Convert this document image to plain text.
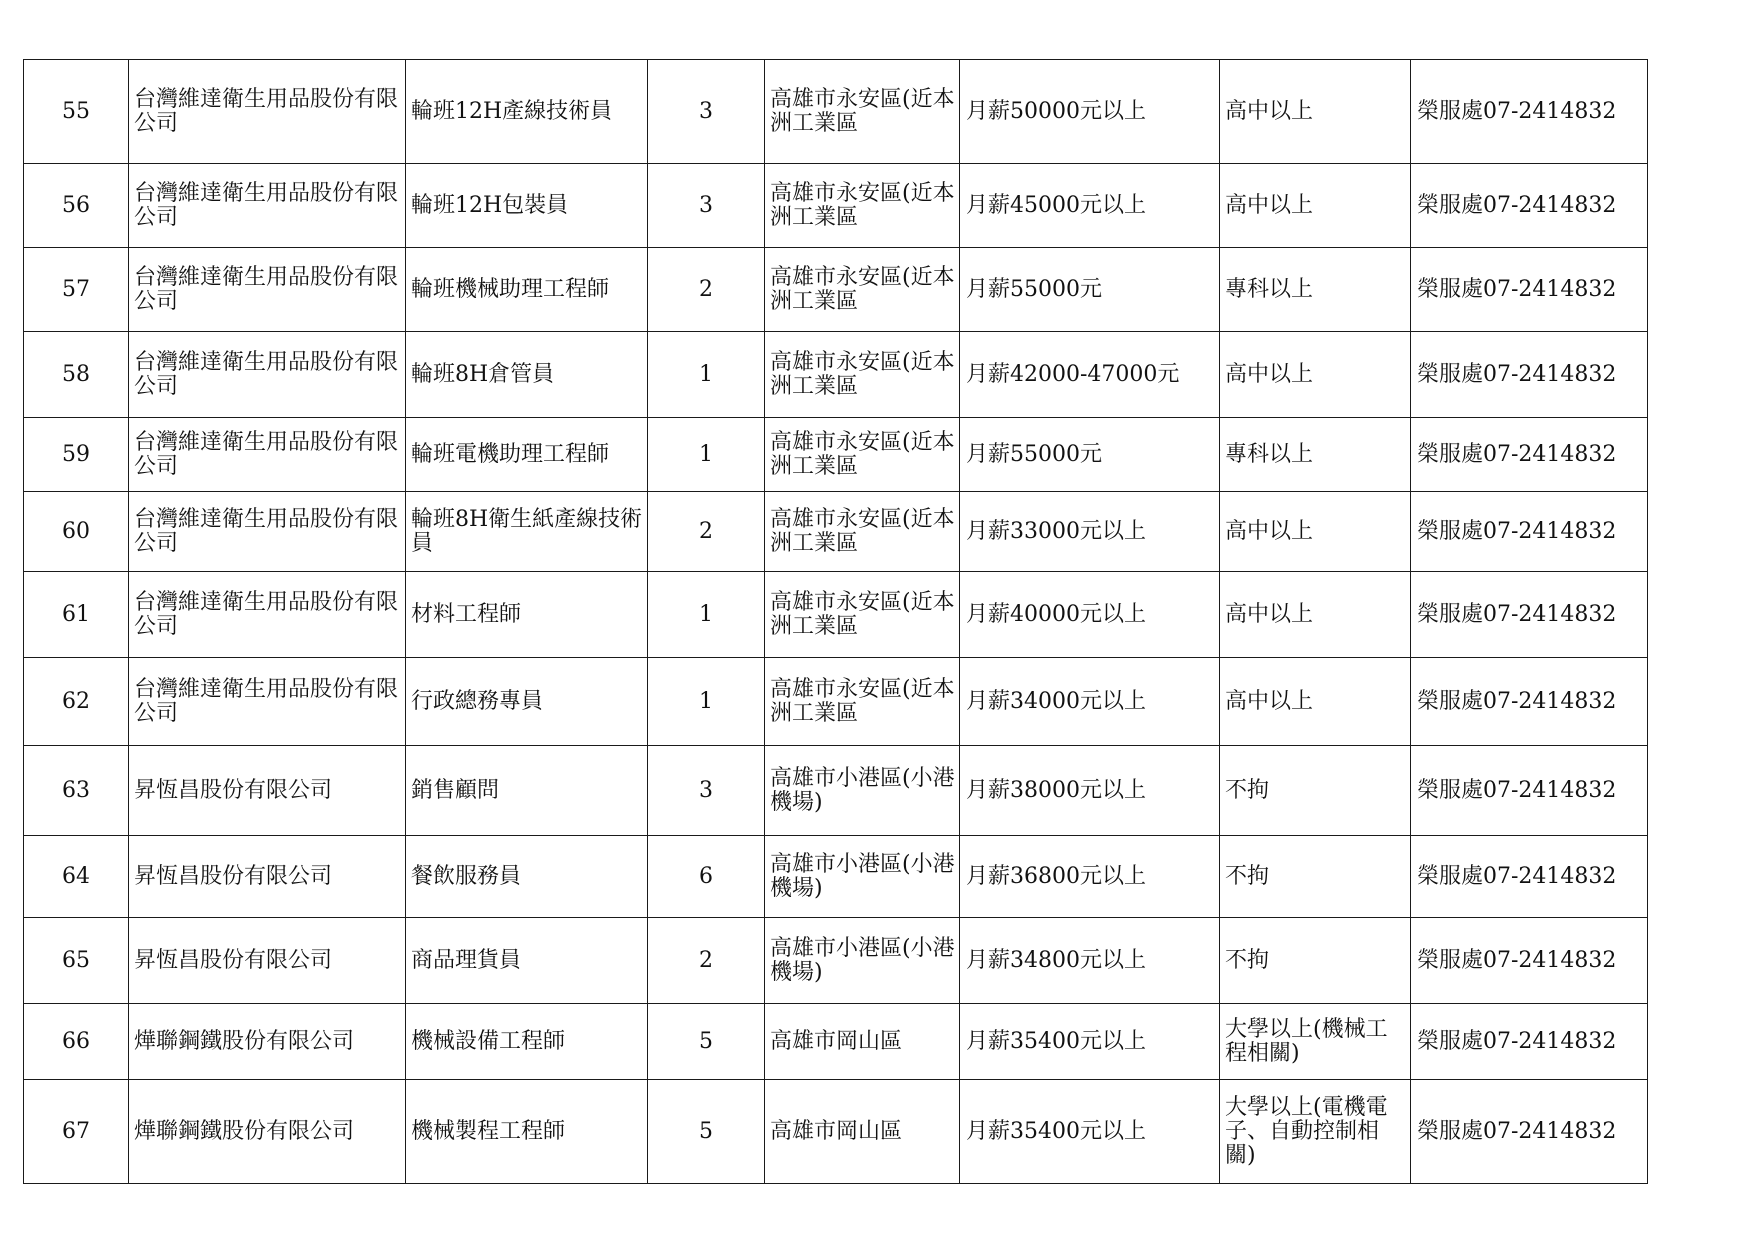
55	台灣維達衛生用品股份有限公司	輪班12H產線技術員	3	高雄市永安區(近本洲工業區	月薪50000元以上	高中以上	榮服處07-2414832
56	台灣維達衛生用品股份有限公司	輪班12H包裝員	3	高雄市永安區(近本洲工業區	月薪45000元以上	高中以上	榮服處07-2414832
57	台灣維達衛生用品股份有限公司	輪班機械助理工程師	2	高雄市永安區(近本洲工業區	月薪55000元	專科以上	榮服處07-2414832
58	台灣維達衛生用品股份有限公司	輪班8H倉管員	1	高雄市永安區(近本洲工業區	月薪42000-47000元	高中以上	榮服處07-2414832
59	台灣維達衛生用品股份有限公司	輪班電機助理工程師	1	高雄市永安區(近本洲工業區	月薪55000元	專科以上	榮服處07-2414832
60	台灣維達衛生用品股份有限公司	輪班8H衛生紙產線技術員	2	高雄市永安區(近本洲工業區	月薪33000元以上	高中以上	榮服處07-2414832
61	台灣維達衛生用品股份有限公司	材料工程師	1	高雄市永安區(近本洲工業區	月薪40000元以上	高中以上	榮服處07-2414832
62	台灣維達衛生用品股份有限公司	行政總務專員	1	高雄市永安區(近本洲工業區	月薪34000元以上	高中以上	榮服處07-2414832
63	昇恆昌股份有限公司	銷售顧問	3	高雄市小港區(小港機場)	月薪38000元以上	不拘	榮服處07-2414832
64	昇恆昌股份有限公司	餐飲服務員	6	高雄市小港區(小港機場)	月薪36800元以上	不拘	榮服處07-2414832
65	昇恆昌股份有限公司	商品理貨員	2	高雄市小港區(小港機場)	月薪34800元以上	不拘	榮服處07-2414832
66	燁聯鋼鐵股份有限公司	機械設備工程師	5	高雄市岡山區	月薪35400元以上	大學以上(機械工程相關)	榮服處07-2414832
67	燁聯鋼鐵股份有限公司	機械製程工程師	5	高雄市岡山區	月薪35400元以上	大學以上(電機電子、自動控制相關)	榮服處07-2414832
